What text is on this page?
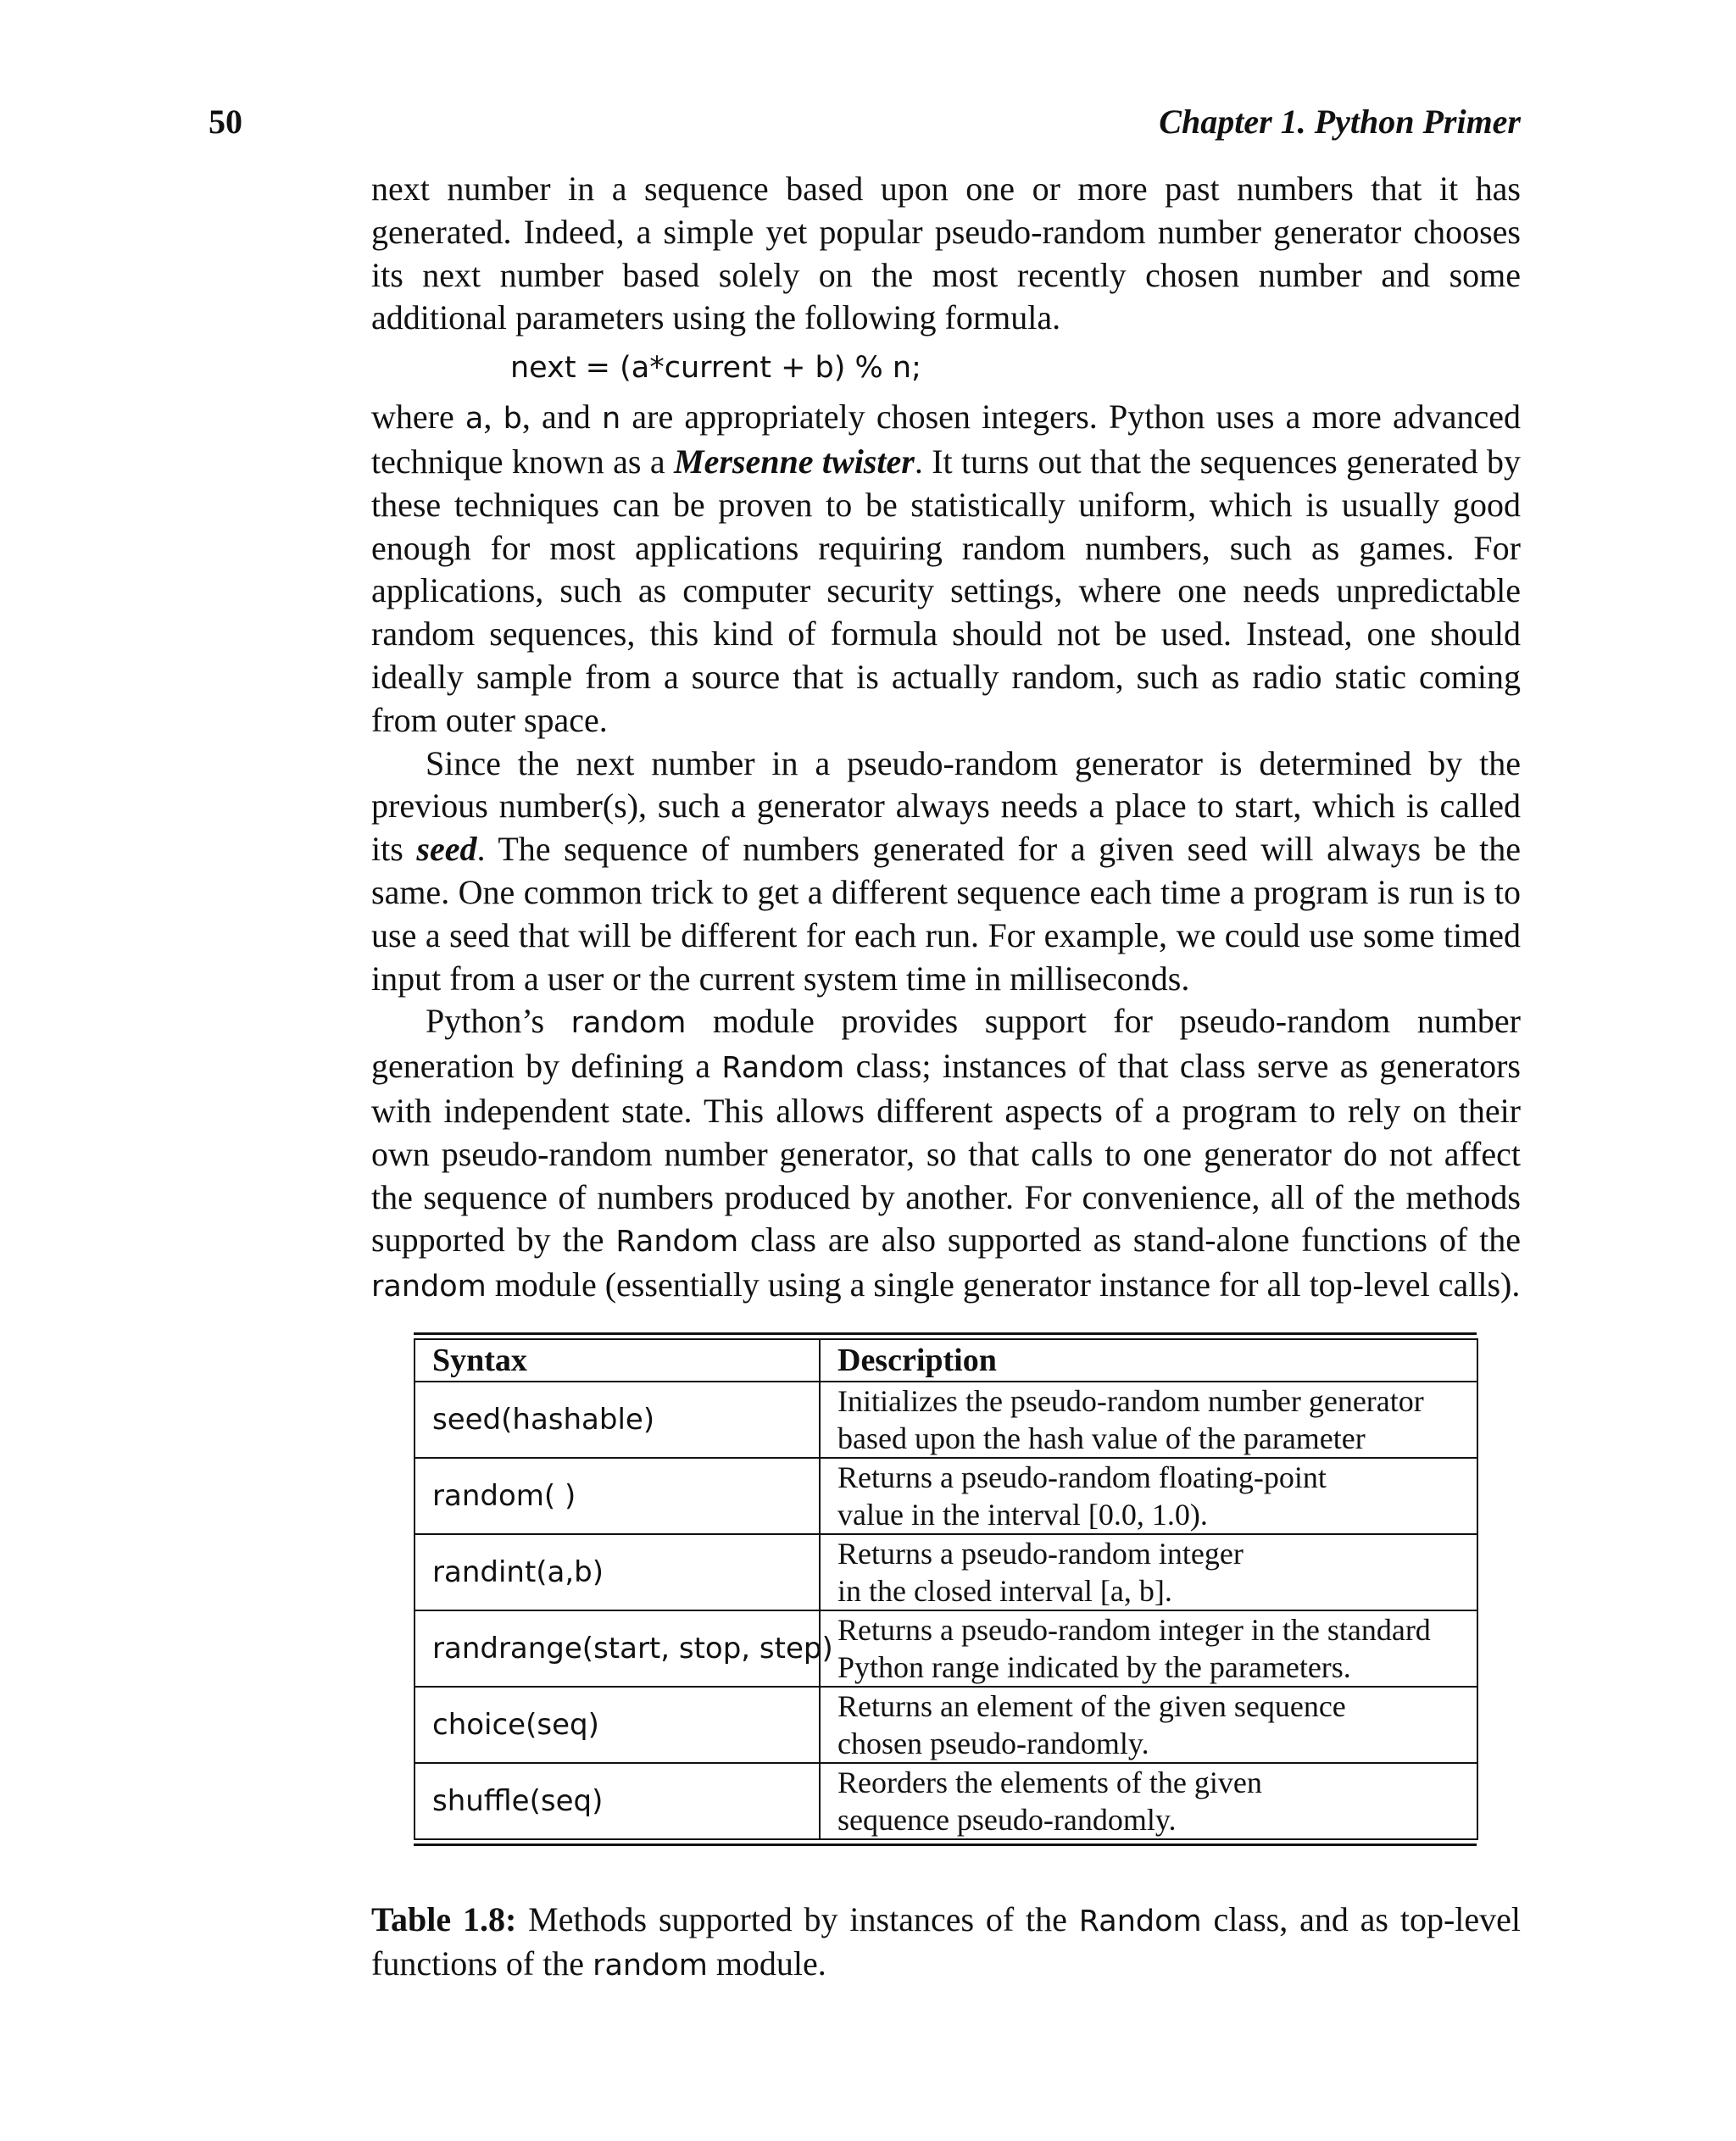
50	Chapter 1. Python Primer

next number in a sequence based upon one or more past numbers that it has generated. Indeed, a simple yet popular pseudo-random number generator chooses its next number based solely on the most recently chosen number and some additional parameters using the following formula.

next = (a*current + b) % n;

where a, b, and n are appropriately chosen integers. Python uses a more advanced technique known as a Mersenne twister. It turns out that the sequences generated by these techniques can be proven to be statistically uniform, which is usually good enough for most applications requiring random numbers, such as games. For applications, such as computer security settings, where one needs unpredictable random sequences, this kind of formula should not be used. Instead, one should ideally sample from a source that is actually random, such as radio static coming from outer space.

Since the next number in a pseudo-random generator is determined by the previous number(s), such a generator always needs a place to start, which is called its seed. The sequence of numbers generated for a given seed will always be the same. One common trick to get a different sequence each time a program is run is to use a seed that will be different for each run. For example, we could use some timed input from a user or the current system time in milliseconds.

Python’s random module provides support for pseudo-random number generation by defining a Random class; instances of that class serve as generators with independent state. This allows different aspects of a program to rely on their own pseudo-random number generator, so that calls to one generator do not affect the sequence of numbers produced by another. For convenience, all of the methods supported by the Random class are also supported as stand-alone functions of the random module (essentially using a single generator instance for all top-level calls).

Syntax	Description
seed(hashable)	Initializes the pseudo-random number generator
based upon the hash value of the parameter

random( )	Returns a pseudo-random floating-point
value in the interval [0.0, 1.0).

randint(a,b)	Returns a pseudo-random integer
in the closed interval [a, b].

randrange(start, stop, step)	Returns a pseudo-random integer in the standard
Python range indicated by the parameters.

choice(seq)	Returns an element of the given sequence
chosen pseudo-randomly.

shuffle(seq)	Reorders the elements of the given
sequence pseudo-randomly.

Table 1.8: Methods supported by instances of the Random class, and as top-level functions of the random module.
